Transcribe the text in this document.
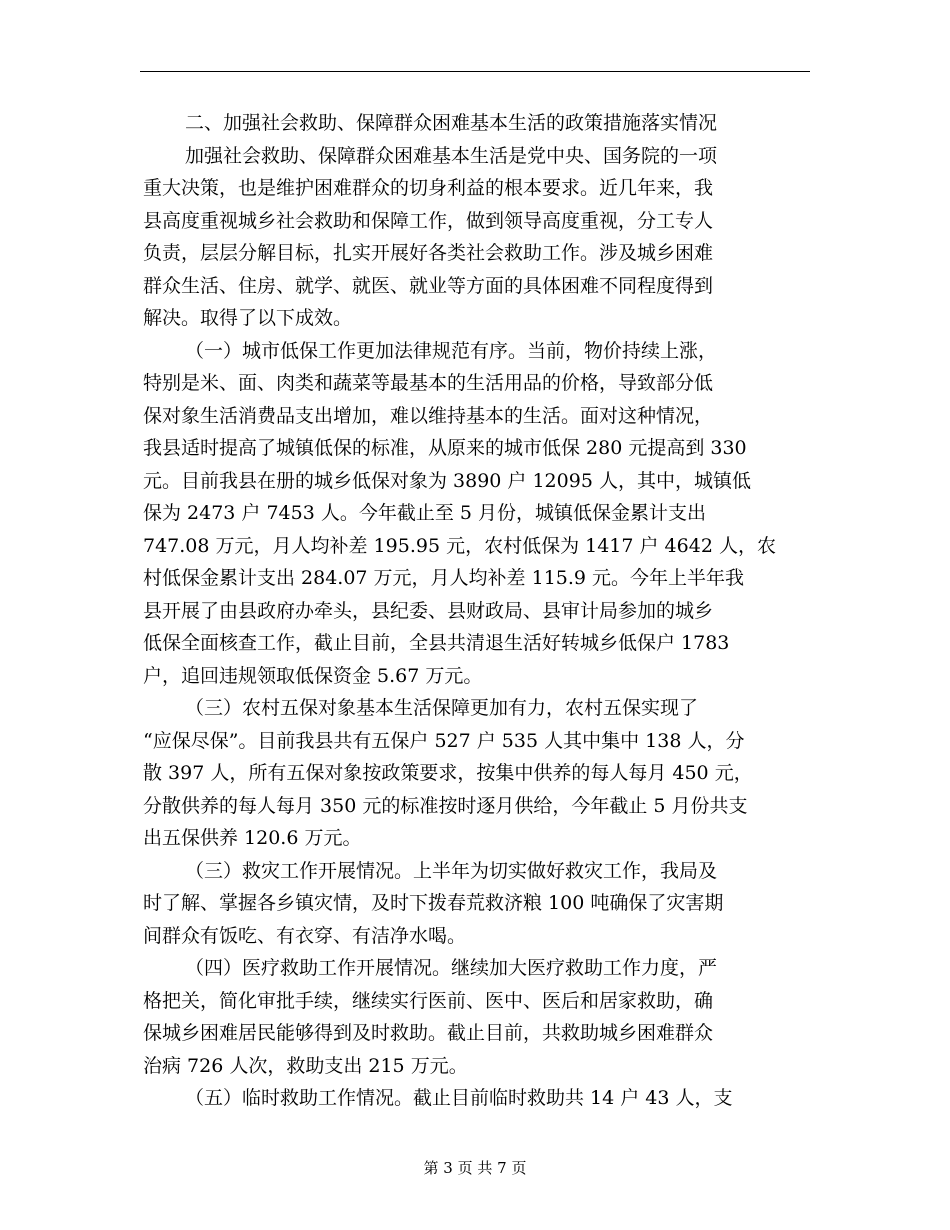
二、加强社会救助、保障群众困难基本生活的政策措施落实情况
加强社会救助、保障群众困难基本生活是党中央、国务院的一项
重大决策，也是维护困难群众的切身利益的根本要求。近几年来，我
县高度重视城乡社会救助和保障工作，做到领导高度重视，分工专人
负责，层层分解目标，扎实开展好各类社会救助工作。涉及城乡困难
群众生活、住房、就学、就医、就业等方面的具体困难不同程度得到
解决。取得了以下成效。
（一）城市低保工作更加法律规范有序。当前，物价持续上涨，
特别是米、面、肉类和蔬菜等最基本的生活用品的价格，导致部分低
保对象生活消费品支出增加，难以维持基本的生活。面对这种情况，
我县适时提高了城镇低保的标准，从原来的城市低保 280 元提高到 330
元。目前我县在册的城乡低保对象为 3890 户 12095 人，其中，城镇低
保为 2473 户 7453 人。今年截止至 5 月份，城镇低保金累计支出
747.08 万元，月人均补差 195.95 元，农村低保为 1417 户 4642 人，农
村低保金累计支出 284.07 万元，月人均补差 115.9 元。今年上半年我
县开展了由县政府办牵头，县纪委、县财政局、县审计局参加的城乡
低保全面核查工作，截止目前，全县共清退生活好转城乡低保户 1783
户，追回违规领取低保资金 5.67 万元。
（三）农村五保对象基本生活保障更加有力，农村五保实现了
“应保尽保”。目前我县共有五保户 527 户 535 人其中集中 138 人，分
散 397 人，所有五保对象按政策要求，按集中供养的每人每月 450 元，
分散供养的每人每月 350 元的标准按时逐月供给，今年截止 5 月份共支
出五保供养 120.6 万元。
（三）救灾工作开展情况。上半年为切实做好救灾工作，我局及
时了解、掌握各乡镇灾情，及时下拨春荒救济粮 100 吨确保了灾害期
间群众有饭吃、有衣穿、有洁净水喝。
（四）医疗救助工作开展情况。继续加大医疗救助工作力度，严
格把关，简化审批手续，继续实行医前、医中、医后和居家救助，确
保城乡困难居民能够得到及时救助。截止目前，共救助城乡困难群众
治病 726 人次，救助支出 215 万元。
（五）临时救助工作情况。截止目前临时救助共 14 户 43 人，支
第 3 页 共 7 页
